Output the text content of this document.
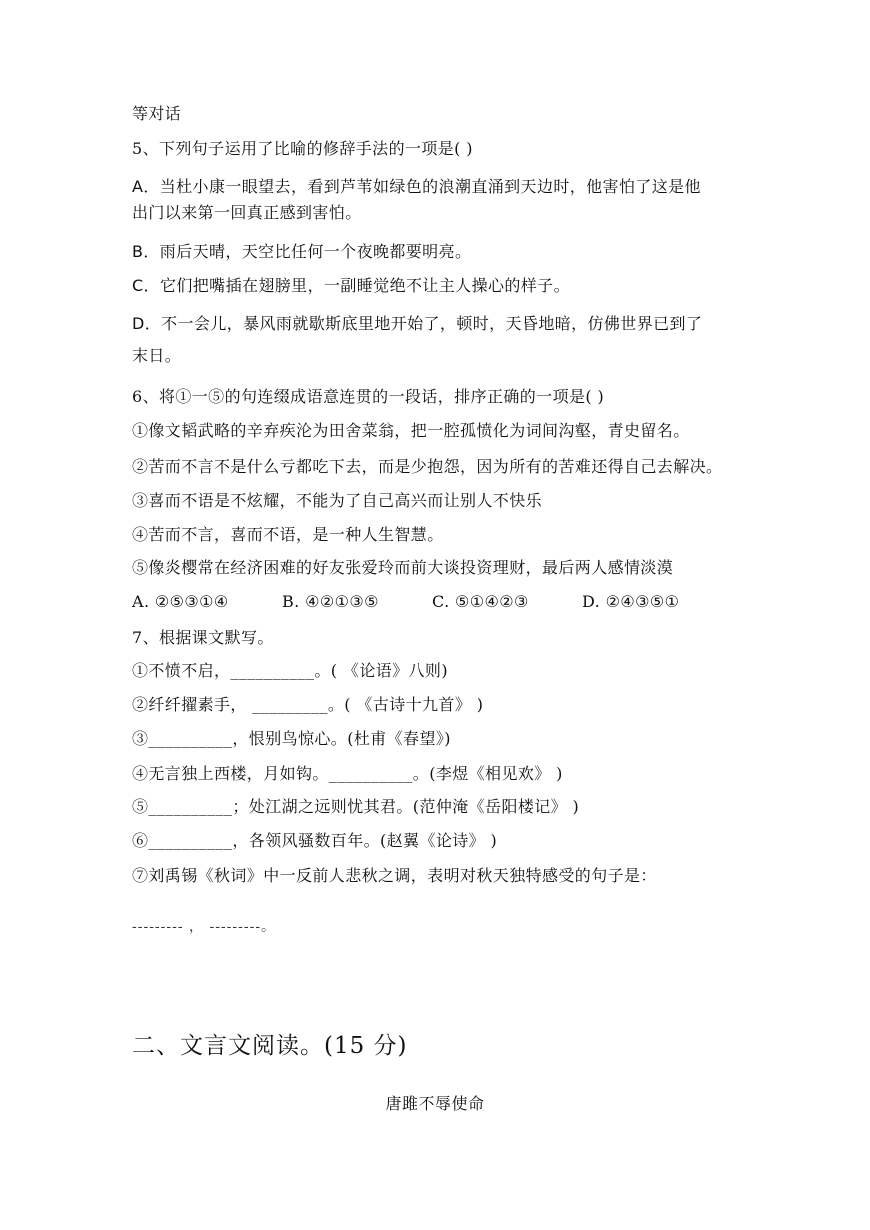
等对话
5、下列句子运用了比喻的修辞手法的一项是( )
A．当杜小康一眼望去，看到芦苇如绿色的浪潮直涌到天边时，他害怕了这是他
出门以来第一回真正感到害怕。
B．雨后天晴，天空比任何一个夜晚都要明亮。
C．它们把嘴插在翅膀里，一副睡觉绝不让主人操心的样子。
D．不一会儿，暴风雨就歇斯底里地开始了，顿时，天昏地暗，仿佛世界已到了
末日。
6、将①一⑤的句连缀成语意连贯的一段话，排序正确的一项是( )
①像文韬武略的辛弃疾沦为田舍菜翁，把一腔孤愤化为词间沟壑，青史留名。
②苦而不言不是什么亏都吃下去，而是少抱怨，因为所有的苦难还得自己去解决。
③喜而不语是不炫耀，不能为了自己高兴而让别人不快乐
④苦而不言，喜而不语，是一种人生智慧。
⑤像炎樱常在经济困难的好友张爱玲而前大谈投资理财，最后两人感情淡漠
A. ②⑤③①④	B. ④②①③⑤	C. ⑤①④②③	D. ②④③⑤①
7、根据课文默写。
①不愤不启，__________。( 《论语》八则)
②纤纤擢素手， _________。( 《古诗十九首》 )
③__________，恨别鸟惊心。(杜甫《春望》)
④无言独上西楼，月如钩。__________。(李煜《相见欢》 )
⑤__________；处江湖之远则忧其君。(范仲淹《岳阳楼记》 )
⑥__________，各领风骚数百年。(赵翼《论诗》 )
⑦刘禹锡《秋词》中一反前人悲秋之调，表明对秋天独特感受的句子是：
--------- ， ---------。
二、文言文阅读。(15 分)
唐雎不辱使命
